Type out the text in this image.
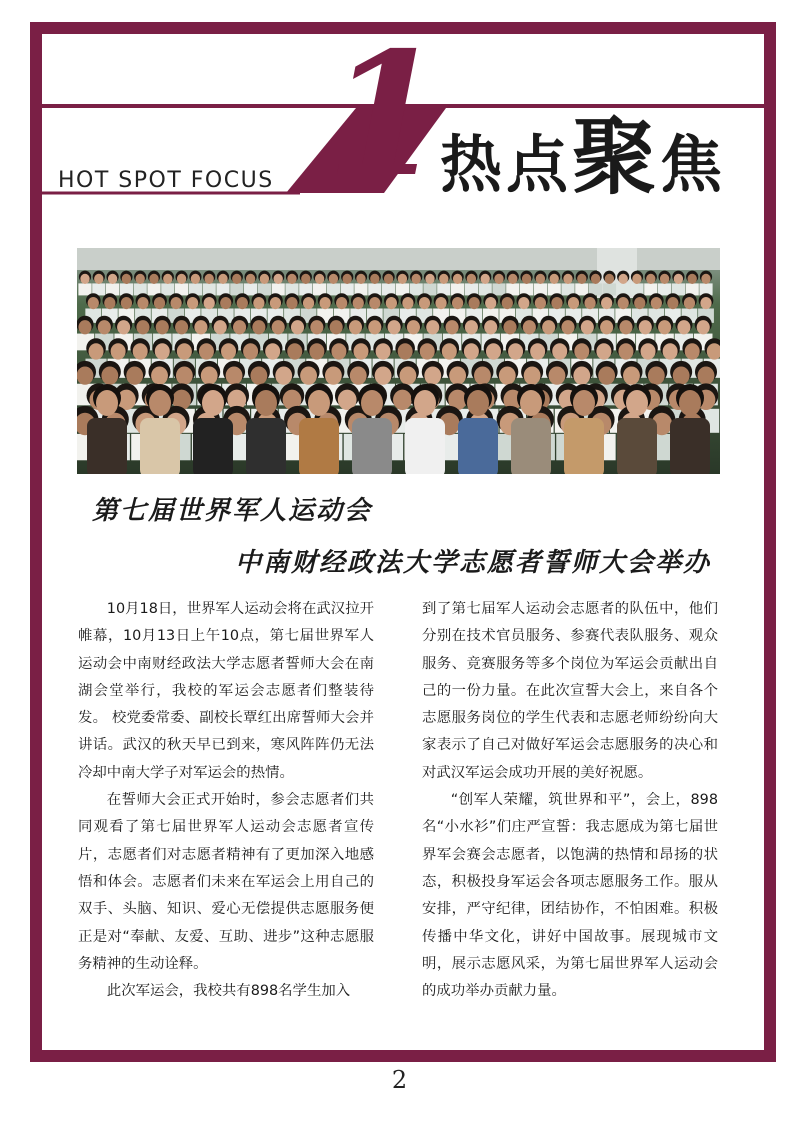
1
HOT SPOT FOCUS	热点聚焦
第七届世界军人运动会
中南财经政法大学志愿者誓师大会举办

10月18日，世界军人运动会将在武汉拉开帷幕，10月13日上午10点，第七届世界军人运动会中南财经政法大学志愿者誓师大会在南湖会堂举行，我校的军运会志愿者们整装待发。 校党委常委、副校长覃红出席誓师大会并讲话。武汉的秋天早已到来，寒风阵阵仍无法冷却中南大学子对军运会的热情。

在誓师大会正式开始时，参会志愿者们共同观看了第七届世界军人运动会志愿者宣传片，志愿者们对志愿者精神有了更加深入地感悟和体会。志愿者们未来在军运会上用自己的双手、头脑、知识、爱心无偿提供志愿服务便正是对“奉献、友爱、互助、进步”这种志愿服务精神的生动诠释。

此次军运会，我校共有898名学生加入

到了第七届军人运动会志愿者的队伍中，他们分别在技术官员服务、参赛代表队服务、观众服务、竞赛服务等多个岗位为军运会贡献出自己的一份力量。在此次宣誓大会上，来自各个志愿服务岗位的学生代表和志愿老师纷纷向大家表示了自己对做好军运会志愿服务的决心和对武汉军运会成功开展的美好祝愿。

“创军人荣耀，筑世界和平”，会上，898名“小水衫”们庄严宣誓：我志愿成为第七届世界军会赛会志愿者，以饱满的热情和昂扬的状态，积极投身军运会各项志愿服务工作。服从安排，严守纪律，团结协作，不怕困难。积极传播中华文化，讲好中国故事。展现城市文明，展示志愿风采，为第七届世界军人运动会的成功举办贡献力量。

2
